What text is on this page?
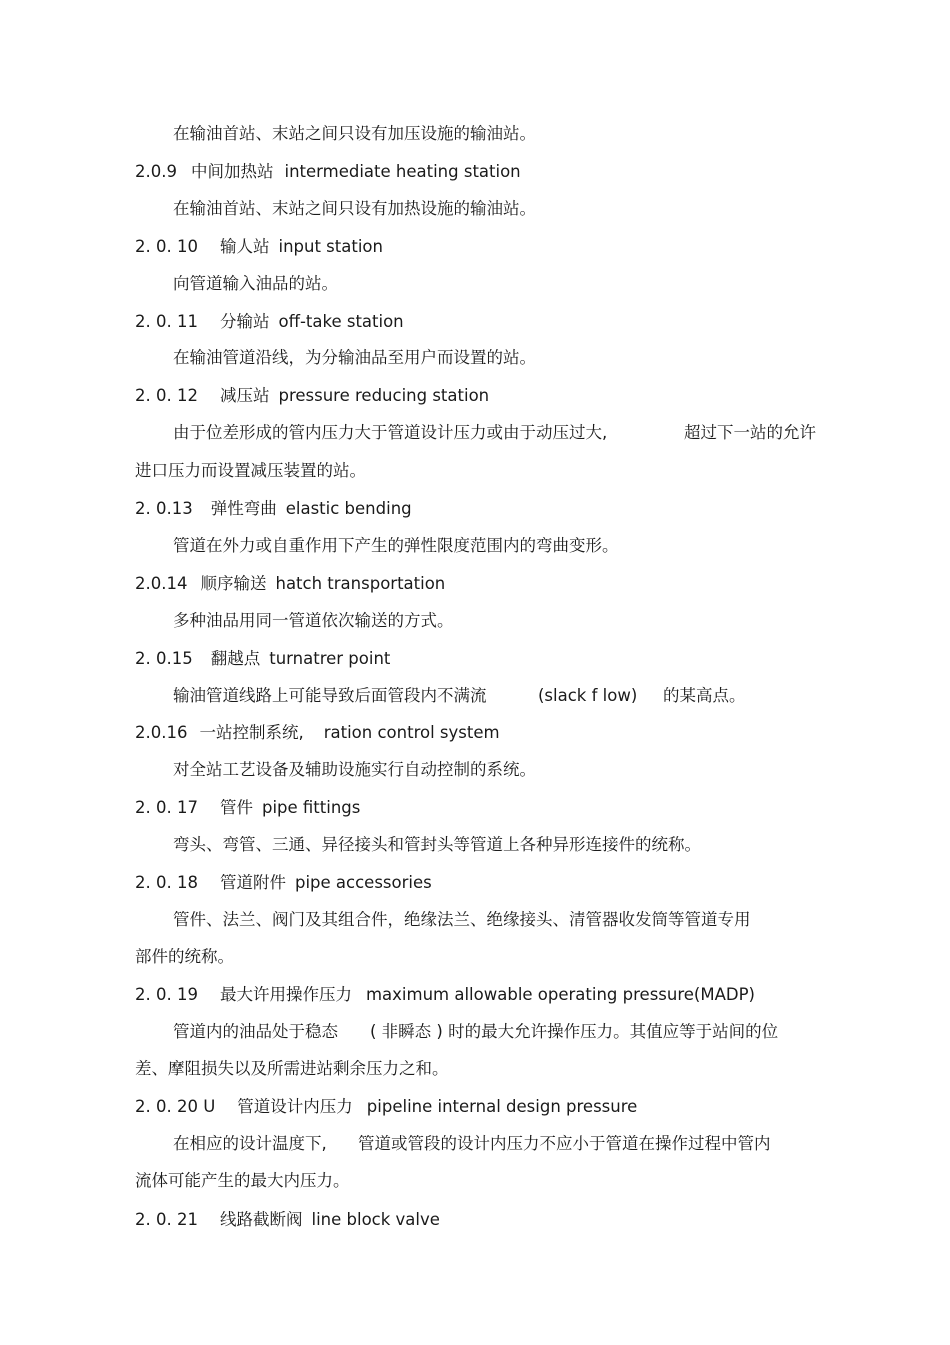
在输油首站、末站之间只设有加压设施的输油站。
2.0.9 中间加热站 intermediate heating station
在输油首站、末站之间只设有加热设施的输油站。
2. 0. 10 输人站 input station
向管道输入油品的站。
2. 0. 11 分输站 off-take station
在输油管道沿线，为分输油品至用户而设置的站。
2. 0. 12 减压站 pressure reducing station
由于位差形成的管内压力大于管道设计压力或由于动压过大,	超过下一站的允许
进口压力而设置减压装置的站。
2. 0.13 弹性弯曲 elastic bending
管道在外力或自重作用下产生的弹性限度范围内的弯曲变形。
2.0.14 顺序输送 hatch transportation
多种油品用同一管道依次输送的方式。
2. 0.15 翻越点 turnatrer point
输油管道线路上可能导致后面管段内不满流	(slack f low) 的某高点。
2.0.16 一站控制系统, ration control system
对全站工艺设备及辅助设施实行自动控制的系统。
2. 0. 17 管件 pipe fittings
弯头、弯管、三通、异径接头和管封头等管道上各种异形连接件的统称。
2. 0. 18 管道附件 pipe accessories
管件、法兰、阀门及其组合件，绝缘法兰、绝缘接头、清管器收发筒等管道专用
部件的统称。
2. 0. 19 最大许用操作压力 maximum allowable operating pressure(MADP)
管道内的油品处于稳态 ( 非瞬态 ) 时的最大允许操作压力。其值应等于站间的位
差、摩阻损失以及所需进站剩余压力之和。
2. 0. 20 U 管道设计内压力 pipeline internal design pressure
在相应的设计温度下, 管道或管段的设计内压力不应小于管道在操作过程中管内
流体可能产生的最大内压力。
2. 0. 21 线路截断阀 line block valve
